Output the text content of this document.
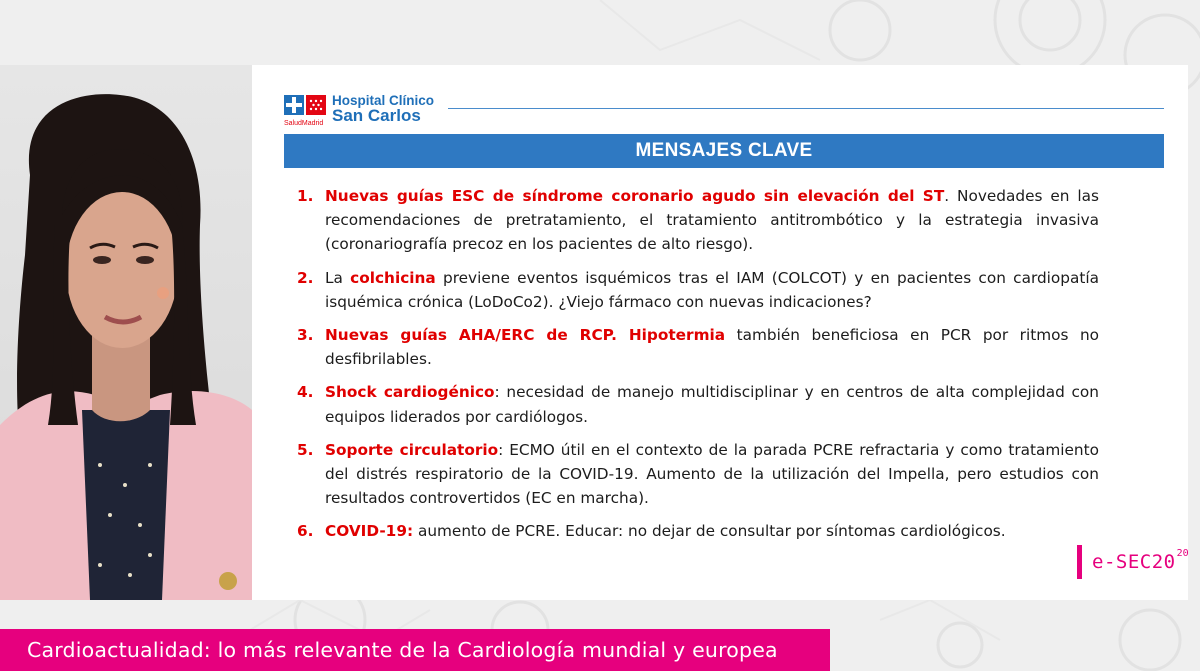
Hospital Clínico
San Carlos
SaludMadrid
MENSAJES CLAVE
1. Nuevas guías ESC de síndrome coronario agudo sin elevación del ST. Novedades en las recomendaciones de pretratamiento, el tratamiento antitrombótico y la estrategia invasiva (coronariografía precoz en los pacientes de alto riesgo).
2. La colchicina previene eventos isquémicos tras el IAM (COLCOT) y en pacientes con cardiopatía isquémica crónica (LoDoCo2). ¿Viejo fármaco con nuevas indicaciones?
3. Nuevas guías AHA/ERC de RCP. Hipotermia también beneficiosa en PCR por ritmos no desfibrilables.
4. Shock cardiogénico: necesidad de manejo multidisciplinar y en centros de alta complejidad con equipos liderados por cardiólogos.
5. Soporte circulatorio: ECMO útil en el contexto de la parada PCRE refractaria y como tratamiento del distrés respiratorio de la COVID-19. Aumento de la utilización del Impella, pero estudios con resultados controvertidos (EC en marcha).
6. COVID-19: aumento de PCRE. Educar: no dejar de consultar por síntomas cardiológicos.
e-SEC20 20
Cardioactualidad: lo más relevante de la Cardiología mundial y europea
